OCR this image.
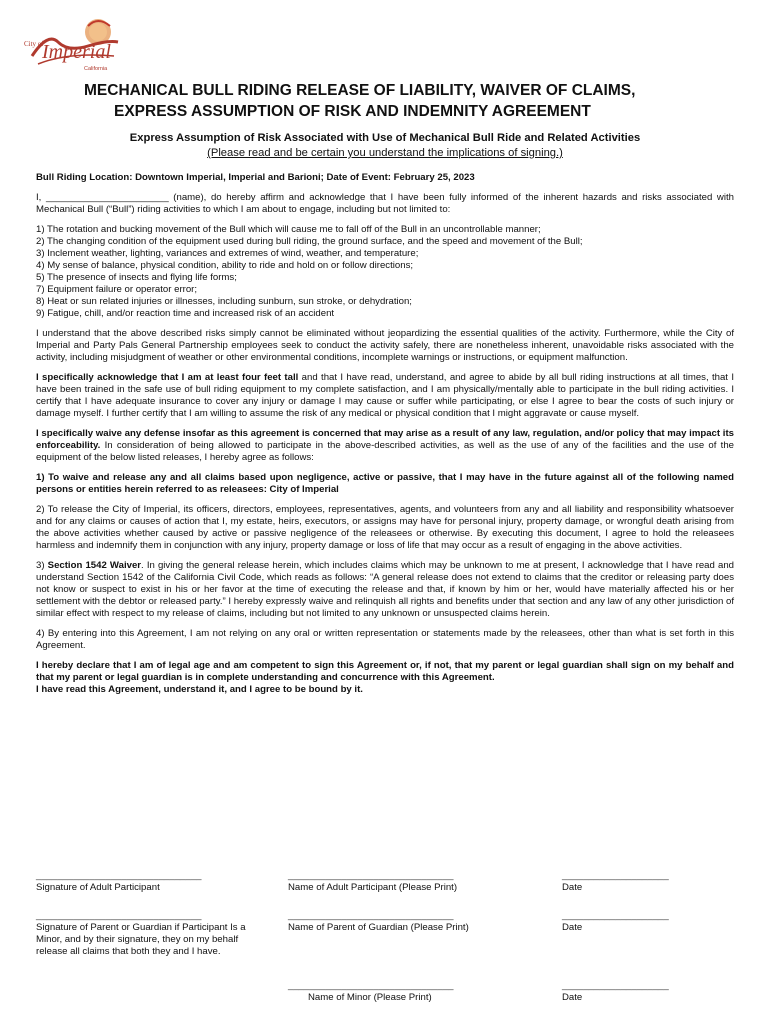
City of
Imperial
California
MECHANICAL BULL RIDING RELEASE OF LIABILITY, WAIVER OF CLAIMS,
EXPRESS ASSUMPTION OF RISK AND INDEMNITY AGREEMENT
Express Assumption of Risk Associated with Use of Mechanical Bull Ride and Related Activities
(Please read and be certain you understand the implications of signing.)

Bull Riding Location: Downtown Imperial, Imperial and Barioni; Date of Event: February 25, 2023

I, _______________________ (name), do hereby affirm and acknowledge that I have been fully informed of the inherent hazards and risks associated with Mechanical Bull (“Bull”) riding activities to which I am about to engage, including but not limited to:

1) The rotation and bucking movement of the Bull which will cause me to fall off of the Bull in an uncontrollable manner;
2) The changing condition of the equipment used during bull riding, the ground surface, and the speed and movement of the Bull;
3) Inclement weather, lighting, variances and extremes of wind, weather, and temperature;
4) My sense of balance, physical condition, ability to ride and hold on or follow directions;
5) The presence of insects and flying life forms;
7) Equipment failure or operator error;
8) Heat or sun related injuries or illnesses, including sunburn, sun stroke, or dehydration;
9) Fatigue, chill, and/or reaction time and increased risk of an accident

I understand that the above described risks simply cannot be eliminated without jeopardizing the essential qualities of the activity. Furthermore, while the City of Imperial and Party Pals General Partnership employees seek to conduct the activity safely, there are nonetheless inherent, unavoidable risks associated with the activity, including misjudgment of weather or other environmental conditions, incomplete warnings or instructions, or equipment malfunction.

I specifically acknowledge that I am at least four feet tall and that I have read, understand, and agree to abide by all bull riding instructions at all times, that I have been trained in the safe use of bull riding equipment to my complete satisfaction, and I am physically/mentally able to participate in the bull riding activities. I certify that I have adequate insurance to cover any injury or damage I may cause or suffer while participating, or else I agree to bear the costs of such injury or damage myself. I further certify that I am willing to assume the risk of any medical or physical condition that I might aggravate or cause myself.

I specifically waive any defense insofar as this agreement is concerned that may arise as a result of any law, regulation, and/or policy that may impact its enforceability. In consideration of being allowed to participate in the above-described activities, as well as the use of any of the facilities and the use of the equipment of the below listed releases, I hereby agree as follows:

1) To waive and release any and all claims based upon negligence, active or passive, that I may have in the future against all of the following named persons or entities herein referred to as releasees: City of Imperial

2) To release the City of Imperial, its officers, directors, employees, representatives, agents, and volunteers from any and all liability and responsibility whatsoever and for any claims or causes of action that I, my estate, heirs, executors, or assigns may have for personal injury, property damage, or wrongful death arising from the above activities whether caused by active or passive negligence of the releasees or otherwise. By executing this document, I agree to hold the releasees harmless and indemnify them in conjunction with any injury, property damage or loss of life that may occur as a result of engaging in the above activities.

3) Section 1542 Waiver. In giving the general release herein, which includes claims which may be unknown to me at present, I acknowledge that I have read and understand Section 1542 of the California Civil Code, which reads as follows: “A general release does not extend to claims that the creditor or releasing party does not know or suspect to exist in his or her favor at the time of executing the release and that, if known by him or her, would have materially affected his or her settlement with the debtor or released party.” I hereby expressly waive and relinquish all rights and benefits under that section and any law of any other jurisdiction of similar effect with respect to my release of claims, including but not limited to any unknown or unsuspected claims herein.

4) By entering into this Agreement, I am not relying on any oral or written representation or statements made by the releasees, other than what is set forth in this Agreement.

I hereby declare that I am of legal age and am competent to sign this Agreement or, if not, that my parent or legal guardian shall sign on my behalf and that my parent or legal guardian is in complete understanding and concurrence with this Agreement.

I have read this Agreement, understand it, and I agree to be bound by it.

_______________________________
Signature of Adult Participant
_______________________________
Name of Adult Participant (Please Print)
____________________
Date
_______________________________
Signature of Parent or Guardian if Participant Is a Minor, and by their signature, they on my behalf release all claims that both they and I have.
_______________________________
Name of Parent of Guardian (Please Print)
____________________
Date
_______________________________
Name of Minor (Please Print)
____________________
Date
